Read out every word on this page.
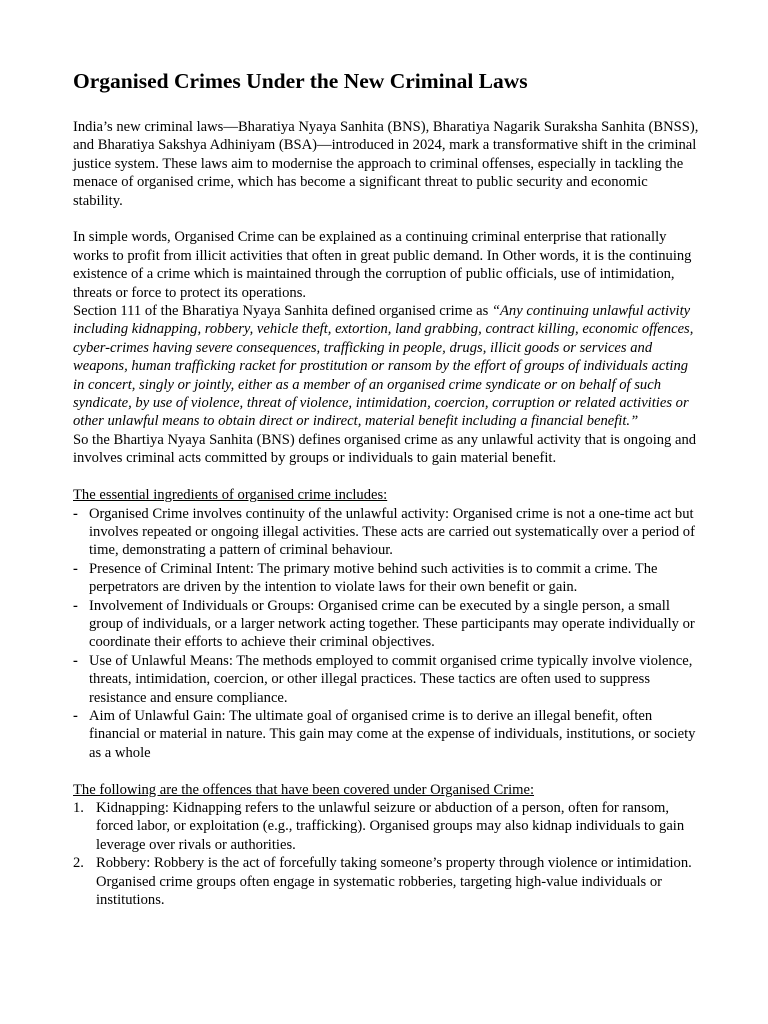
Organised Crimes Under the New Criminal Laws

India’s new criminal laws—Bharatiya Nyaya Sanhita (BNS), Bharatiya Nagarik Suraksha Sanhita (BNSS), and Bharatiya Sakshya Adhiniyam (BSA)—introduced in 2024, mark a transformative shift in the criminal justice system. These laws aim to modernise the approach to criminal offenses, especially in tackling the menace of organised crime, which has become a significant threat to public security and economic stability.

In simple words, Organised Crime can be explained as a continuing criminal enterprise that rationally works to profit from illicit activities that often in great public demand. In Other words, it is the continuing existence of a crime which is maintained through the corruption of public officials, use of intimidation, threats or force to protect its operations.

Section 111 of the Bharatiya Nyaya Sanhita defined organised crime as “Any continuing unlawful activity including kidnapping, robbery, vehicle theft, extortion, land grabbing, contract killing, economic offences, cyber-crimes having severe consequences, trafficking in people, drugs, illicit goods or services and weapons, human trafficking racket for prostitution or ransom by the effort of groups of individuals acting in concert, singly or jointly, either as a member of an organised crime syndicate or on behalf of such syndicate, by use of violence, threat of violence, intimidation, coercion, corruption or related activities or other unlawful means to obtain direct or indirect, material benefit including a financial benefit.”

So the Bhartiya Nyaya Sanhita (BNS) defines organised crime as any unlawful activity that is ongoing and involves criminal acts committed by groups or individuals to gain material benefit.

The essential ingredients of organised crime includes:

- Organised Crime involves continuity of the unlawful activity: Organised crime is not a one-time act but involves repeated or ongoing illegal activities. These acts are carried out systematically over a period of time, demonstrating a pattern of criminal behaviour.
- Presence of Criminal Intent: The primary motive behind such activities is to commit a crime. The perpetrators are driven by the intention to violate laws for their own benefit or gain.
- Involvement of Individuals or Groups: Organised crime can be executed by a single person, a small group of individuals, or a larger network acting together. These participants may operate individually or coordinate their efforts to achieve their criminal objectives.
- Use of Unlawful Means: The methods employed to commit organised crime typically involve violence, threats, intimidation, coercion, or other illegal practices. These tactics are often used to suppress resistance and ensure compliance.
- Aim of Unlawful Gain: The ultimate goal of organised crime is to derive an illegal benefit, often financial or material in nature. This gain may come at the expense of individuals, institutions, or society as a whole

The following are the offences that have been covered under Organised Crime:

1. Kidnapping: Kidnapping refers to the unlawful seizure or abduction of a person, often for ransom, forced labor, or exploitation (e.g., trafficking). Organised groups may also kidnap individuals to gain leverage over rivals or authorities.
2. Robbery: Robbery is the act of forcefully taking someone’s property through violence or intimidation. Organised crime groups often engage in systematic robberies, targeting high-value individuals or institutions.
